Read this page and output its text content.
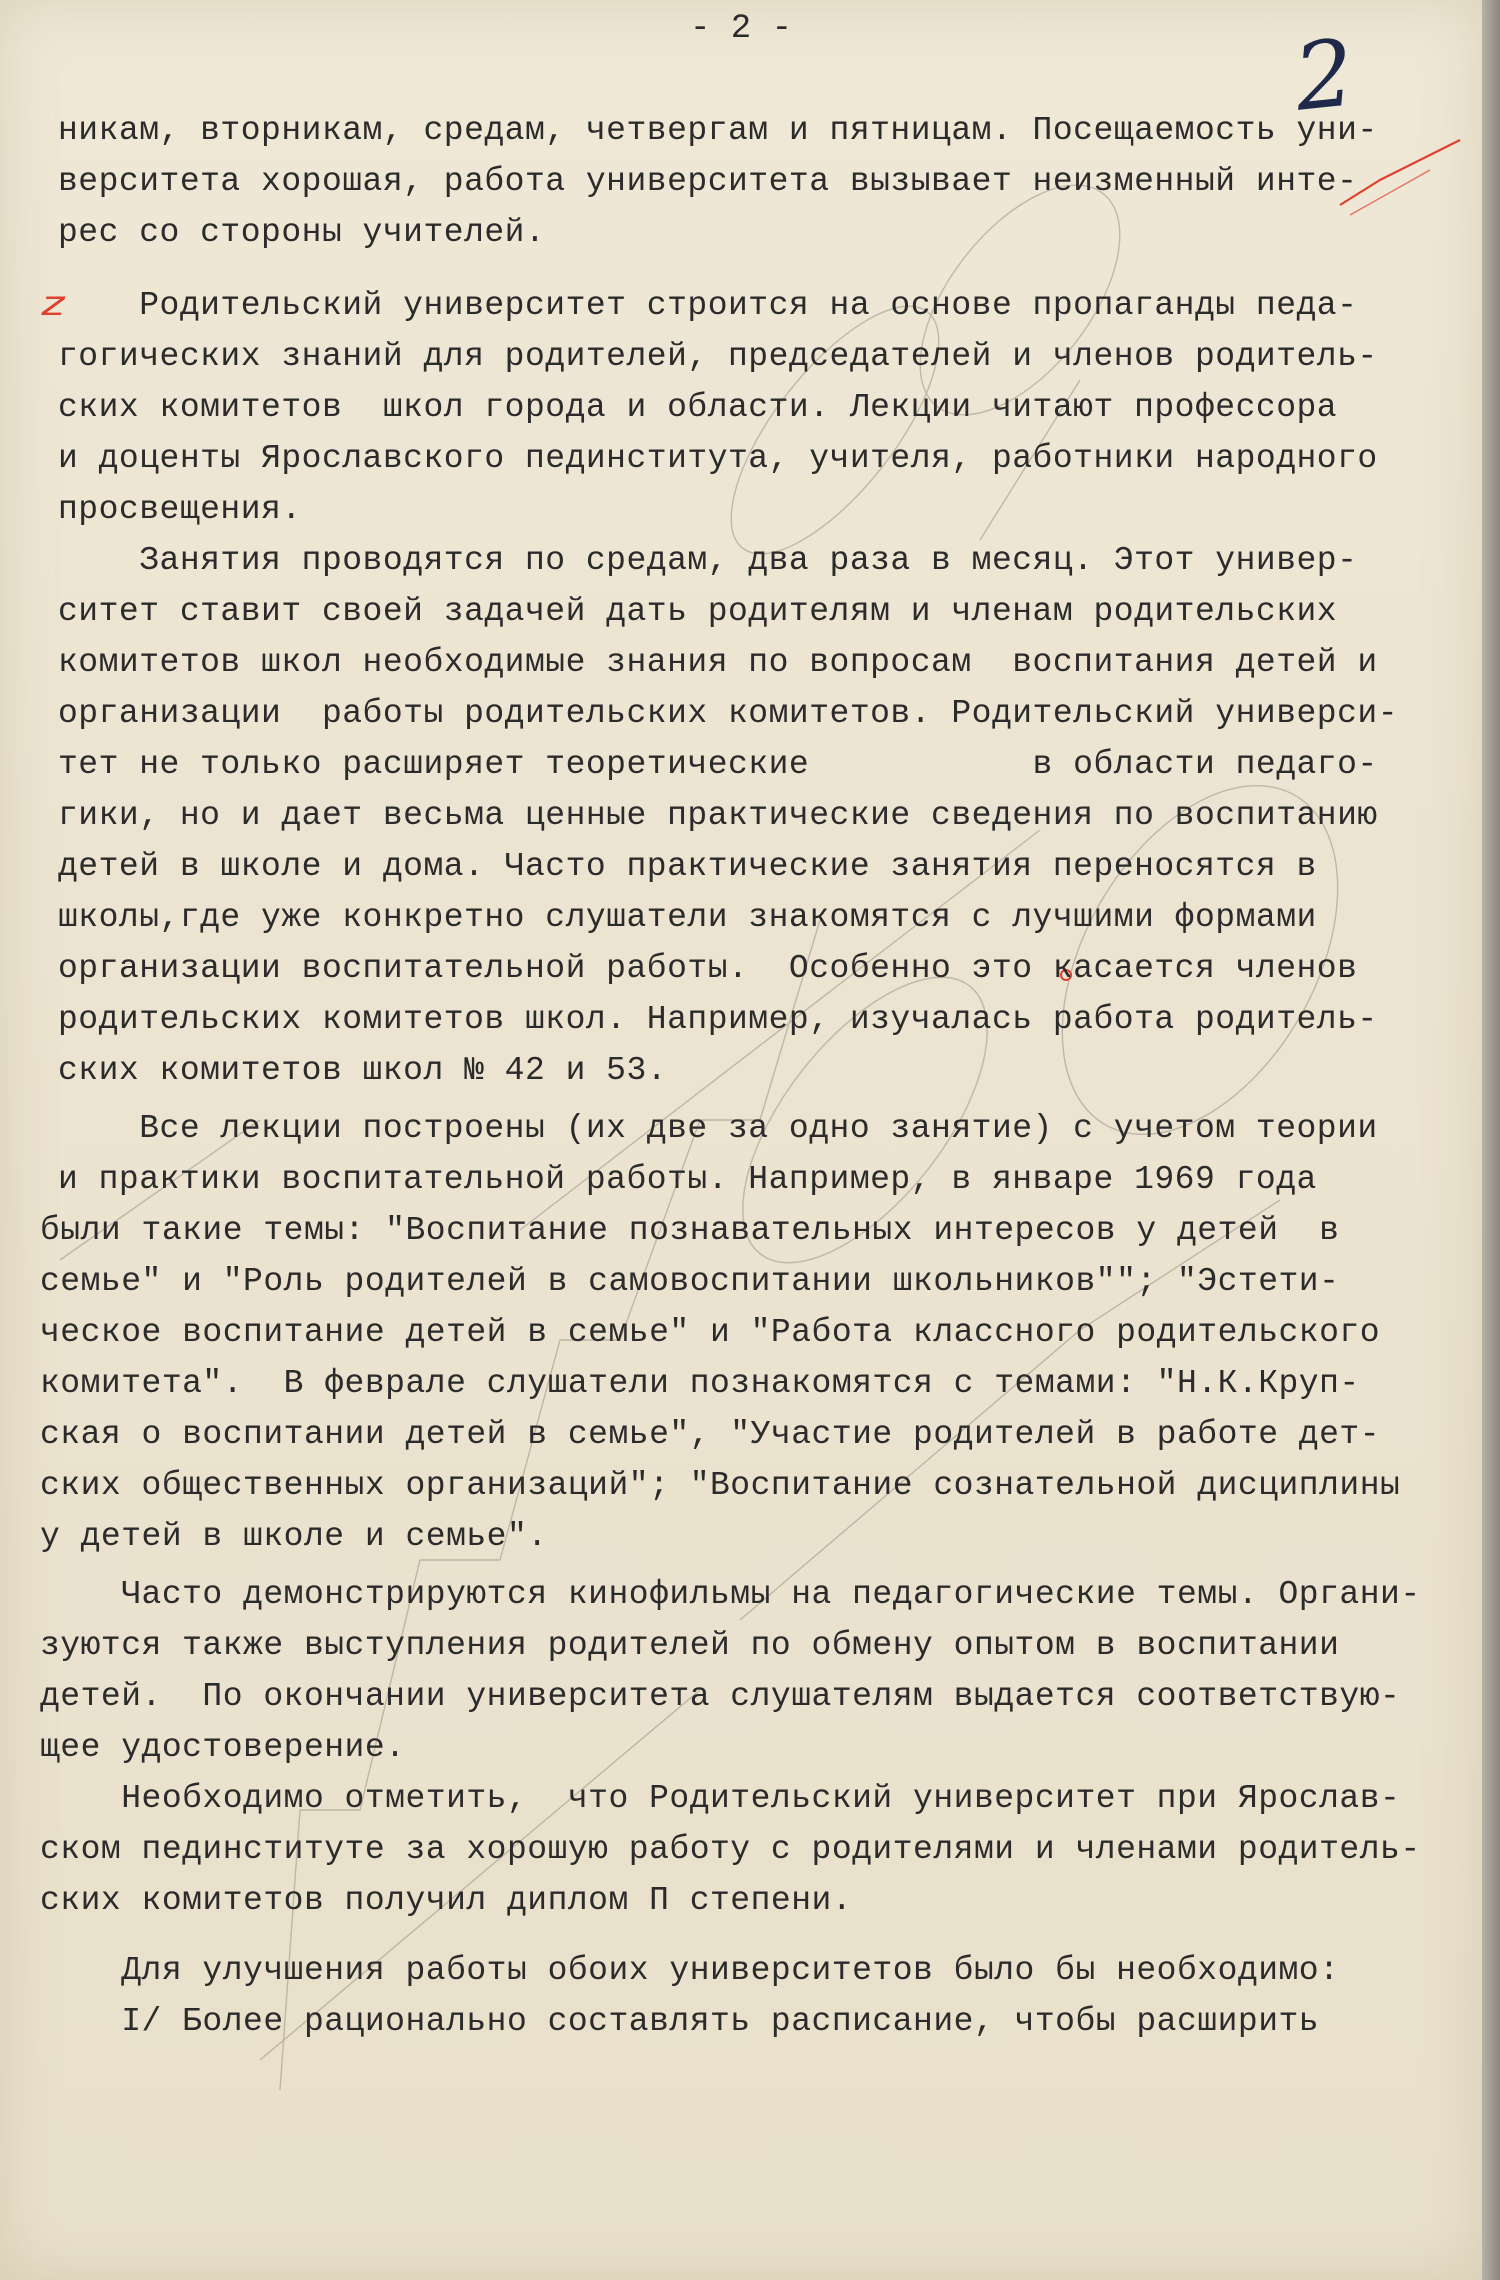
- 2 -	2
z
никам, вторникам, средам, четвергам и пятницам. Посещаемость уни-
верситета хорошая, работа университета вызывает неизменный инте-
рес со стороны учителей.
Родительский университет строится на основе пропаганды педа-
гогических знаний для родителей, председателей и членов родитель-
ских комитетов  школ города и области. Лекции читают профессора
и доценты Ярославского пединститута, учителя, работники народного
просвещения.
Занятия проводятся по средам, два раза в месяц. Этот универ-
ситет ставит своей задачей дать родителям и членам родительских
комитетов школ необходимые знания по вопросам  воспитания детей и
организации  работы родительских комитетов. Родительский универси-
тет не только расширяет теоретические           в области педаго-
гики, но и дает весьма ценные практические сведения по воспитанию
детей в школе и дома. Часто практические занятия переносятся в
школы,где уже конкретно слушатели знакомятся с лучшими формами
организации воспитательной работы.  Особенно это касается членов
родительских комитетов школ. Например, изучалась работа родитель-
ских комитетов школ № 42 и 53.
Все лекции построены (их две за одно занятие) с учетом теории
и практики воспитательной работы. Например, в январе 1969 года
были такие темы: "Воспитание познавательных интересов у детей  в
семье" и "Роль родителей в самовоспитании школьников""; "Эстети-
ческое воспитание детей в семье" и "Работа классного родительского
комитета".  В феврале слушатели познакомятся с темами: "Н.К.Круп-
ская о воспитании детей в семье", "Участие родителей в работе дет-
ских общественных организаций"; "Воспитание сознательной дисциплины
у детей в школе и семье".
Часто демонстрируются кинофильмы на педагогические темы. Органи-
зуются также выступления родителей по обмену опытом в воспитании
детей.  По окончании университета слушателям выдается соответствую-
щее удостоверение.
Необходимо отметить,  что Родительский университет при Ярослав-
ском пединституте за хорошую работу с родителями и членами родитель-
ских комитетов получил диплом П степени.
Для улучшения работы обоих университетов было бы необходимо:
I/ Более рационально составлять расписание, чтобы расширить
